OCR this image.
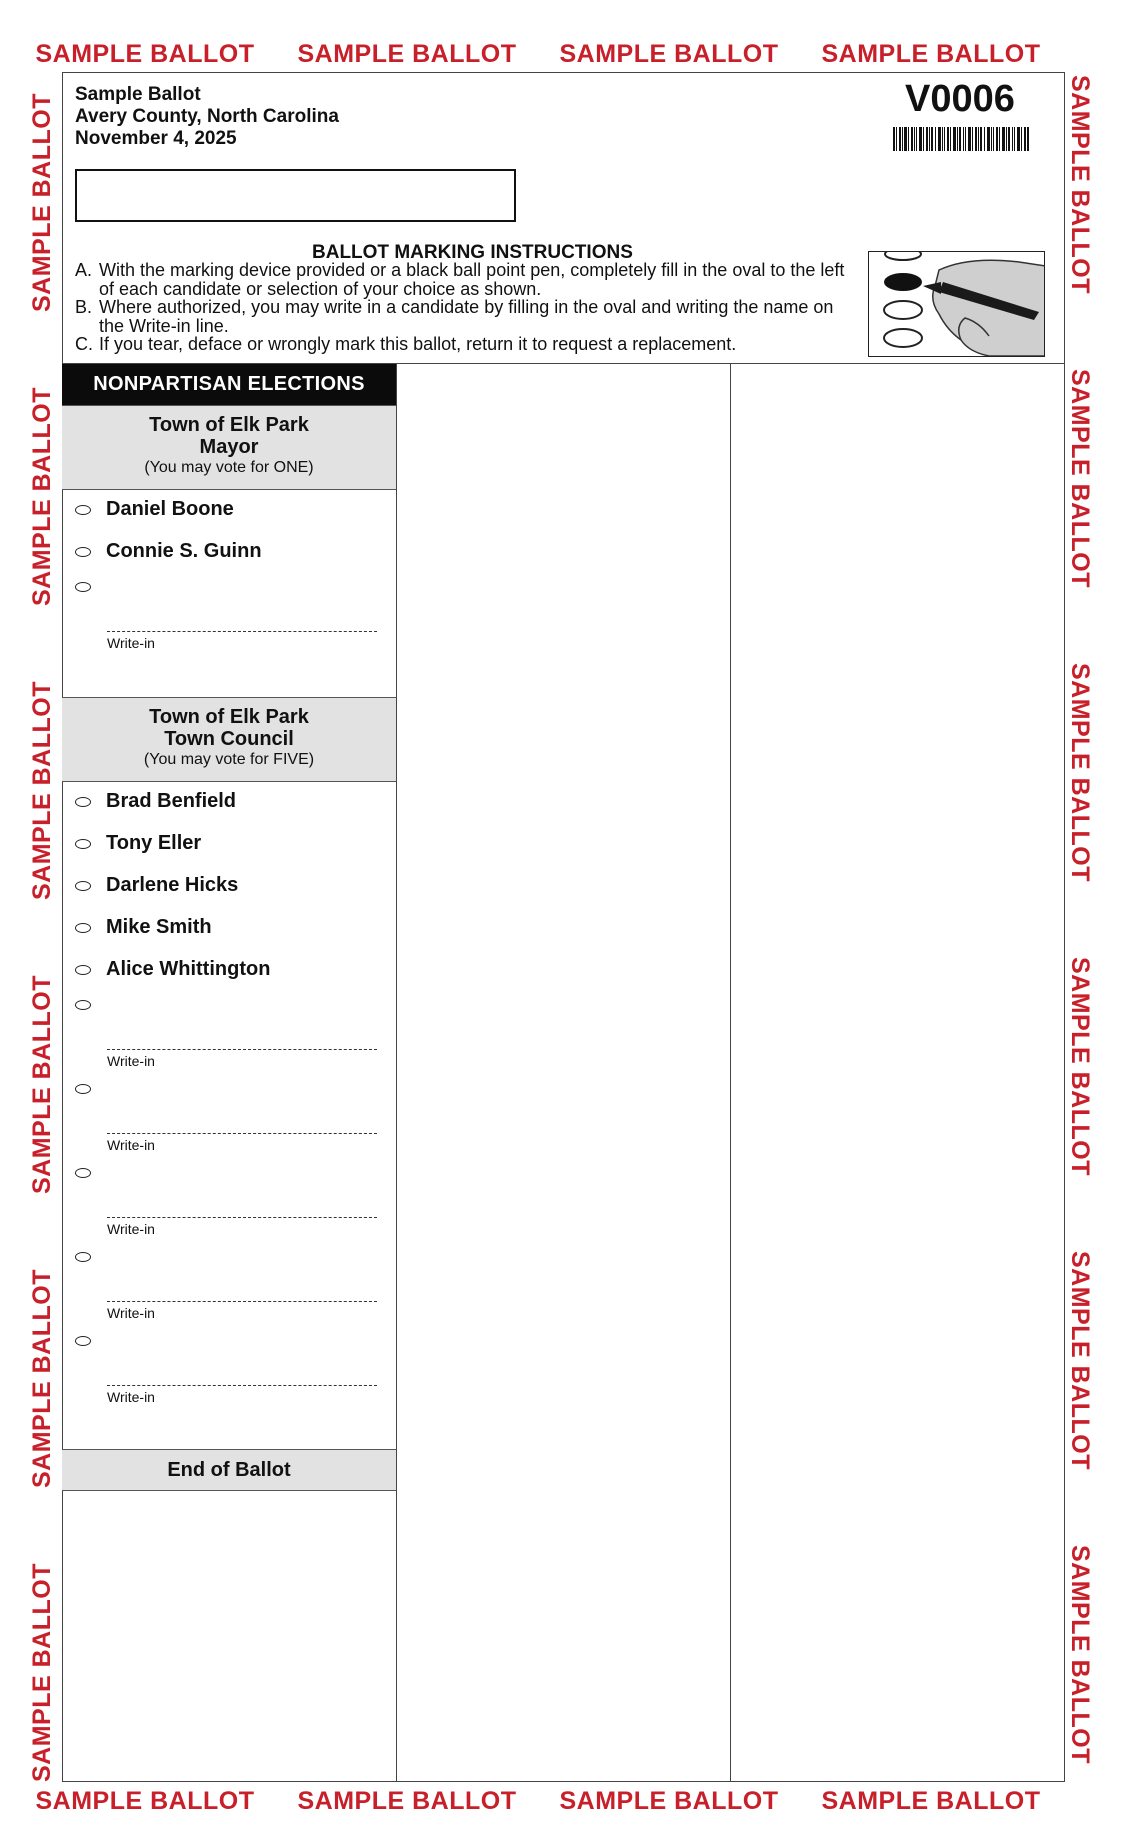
SAMPLE BALLOT	SAMPLE BALLOT	SAMPLE BALLOT	SAMPLE BALLOT
SAMPLE BALLOT	SAMPLE BALLOT	SAMPLE BALLOT	SAMPLE BALLOT
SAMPLE BALLOT
SAMPLE BALLOT
SAMPLE BALLOT
SAMPLE BALLOT
SAMPLE BALLOT
SAMPLE BALLOT
SAMPLE BALLOT
SAMPLE BALLOT
SAMPLE BALLOT
SAMPLE BALLOT
SAMPLE BALLOT
SAMPLE BALLOT
Sample Ballot
Avery County, North Carolina
November 4, 2025
V0006
BALLOT MARKING INSTRUCTIONS
A. With the marking device provided or a black ball point pen, completely fill in the oval to the left of each candidate or selection of your choice as shown.
B. Where authorized, you may write in a candidate by filling in the oval and writing the name on the Write-in line.
C. If you tear, deface or wrongly mark this ballot, return it to request a replacement.
NONPARTISAN ELECTIONS
Town of Elk Park
Mayor
(You may vote for ONE)
Daniel Boone
Connie S. Guinn
Write-in
Town of Elk Park
Town Council
(You may vote for FIVE)
Brad Benfield
Tony Eller
Darlene Hicks
Mike Smith
Alice Whittington
Write-in
Write-in
Write-in
Write-in
Write-in
End of Ballot
